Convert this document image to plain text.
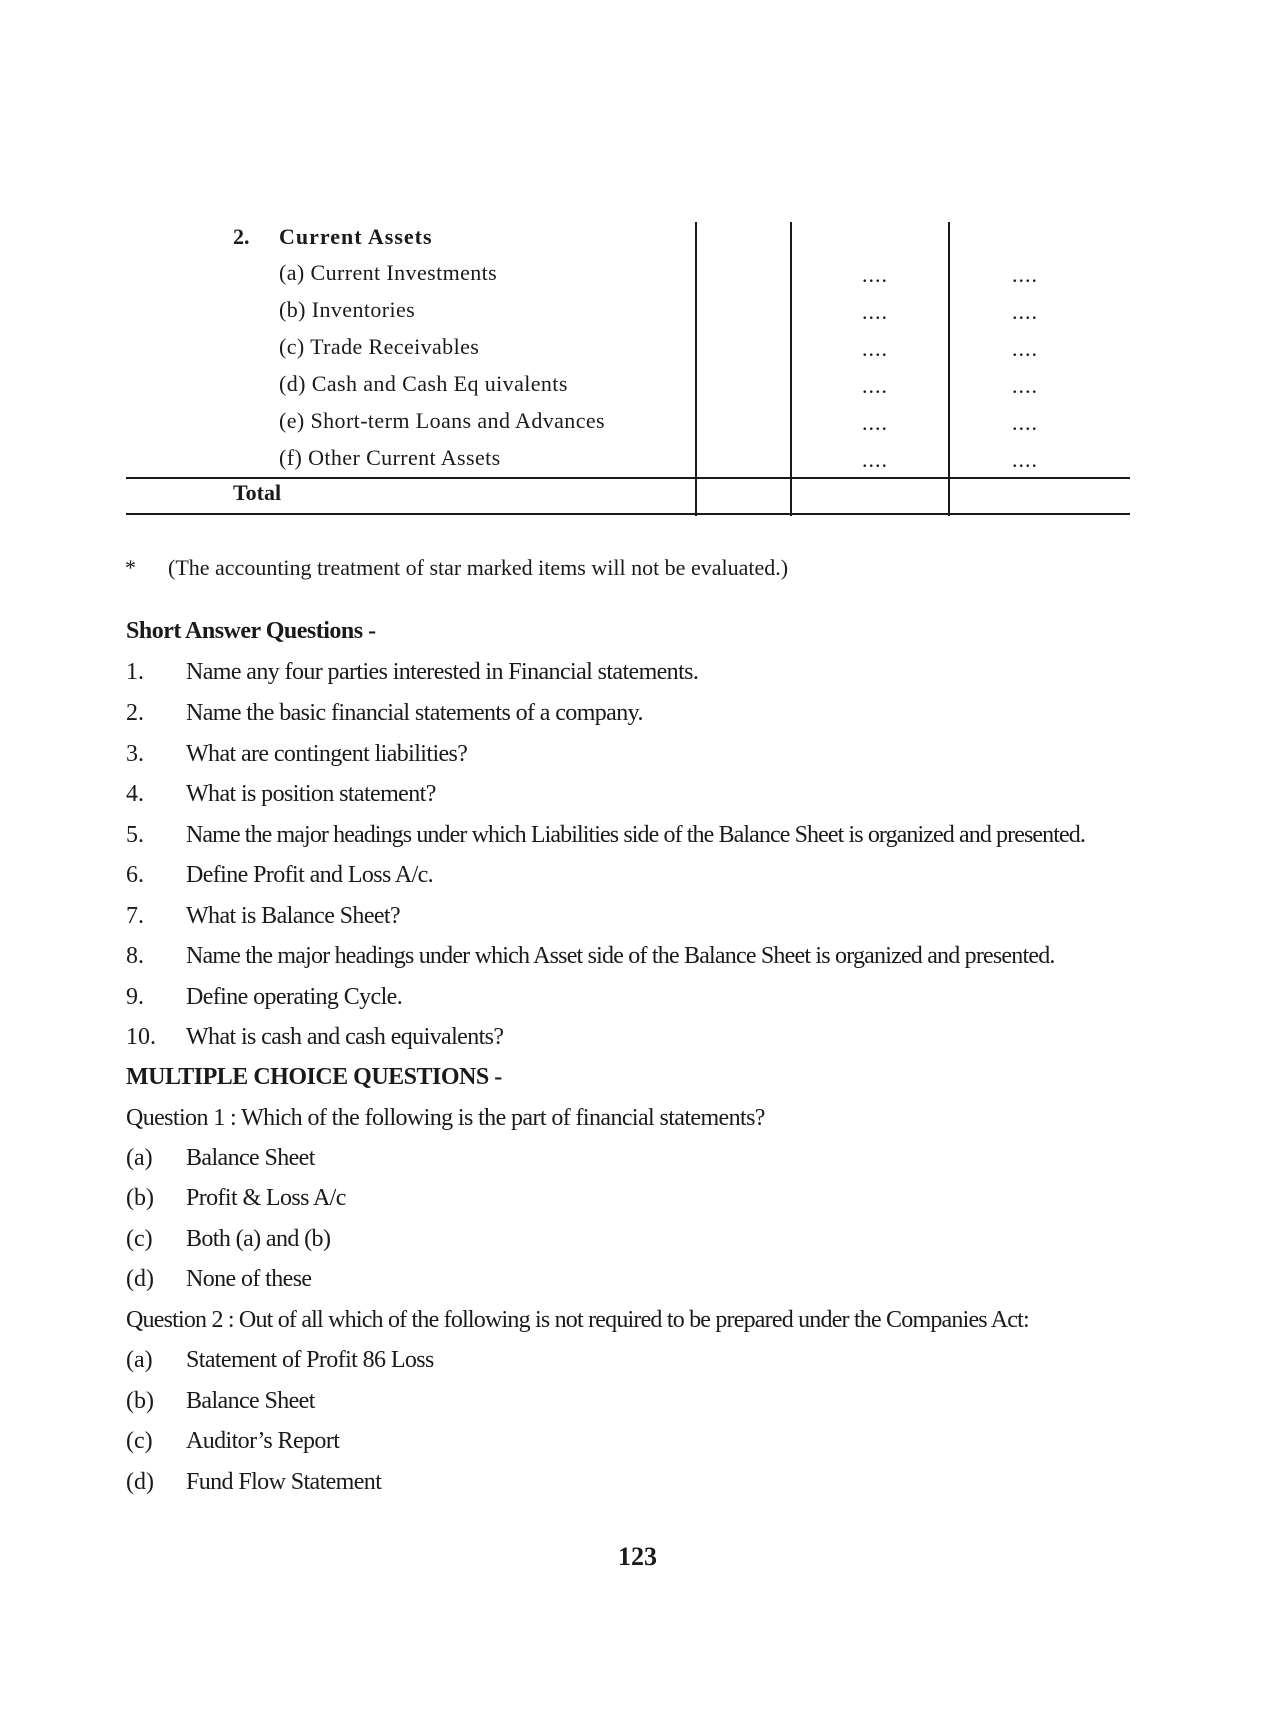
2. Current Assets
(a) Current Investments	....	....
(b) Inventories	....	....
(c) Trade Receivables	....	....
(d) Cash and Cash Eq uivalents	....	....
(e) Short-term Loans and Advances	....	....
(f) Other Current Assets	....	....
Total
* (The accounting treatment of star marked items will not be evaluated.)
Short Answer Questions -
1. Name any four parties interested in Financial statements.
2. Name the basic financial statements of a company.
3. What are contingent liabilities?
4. What is position statement?
5. Name the major headings under which Liabilities side of the Balance Sheet is organized and presented.
6. Define Profit and Loss A/c.
7. What is Balance Sheet?
8. Name the major headings under which Asset side of the Balance Sheet is organized and presented.
9. Define operating Cycle.
10. What is cash and cash equivalents?
MULTIPLE CHOICE QUESTIONS -
Question 1 : Which of the following is the part of financial statements?
(a) Balance Sheet
(b) Profit & Loss A/c
(c) Both (a) and (b)
(d) None of these
Question 2 : Out of all which of the following is not required to be prepared under the Companies Act:
(a) Statement of Profit 86 Loss
(b) Balance Sheet
(c) Auditor’s Report
(d) Fund Flow Statement
123
